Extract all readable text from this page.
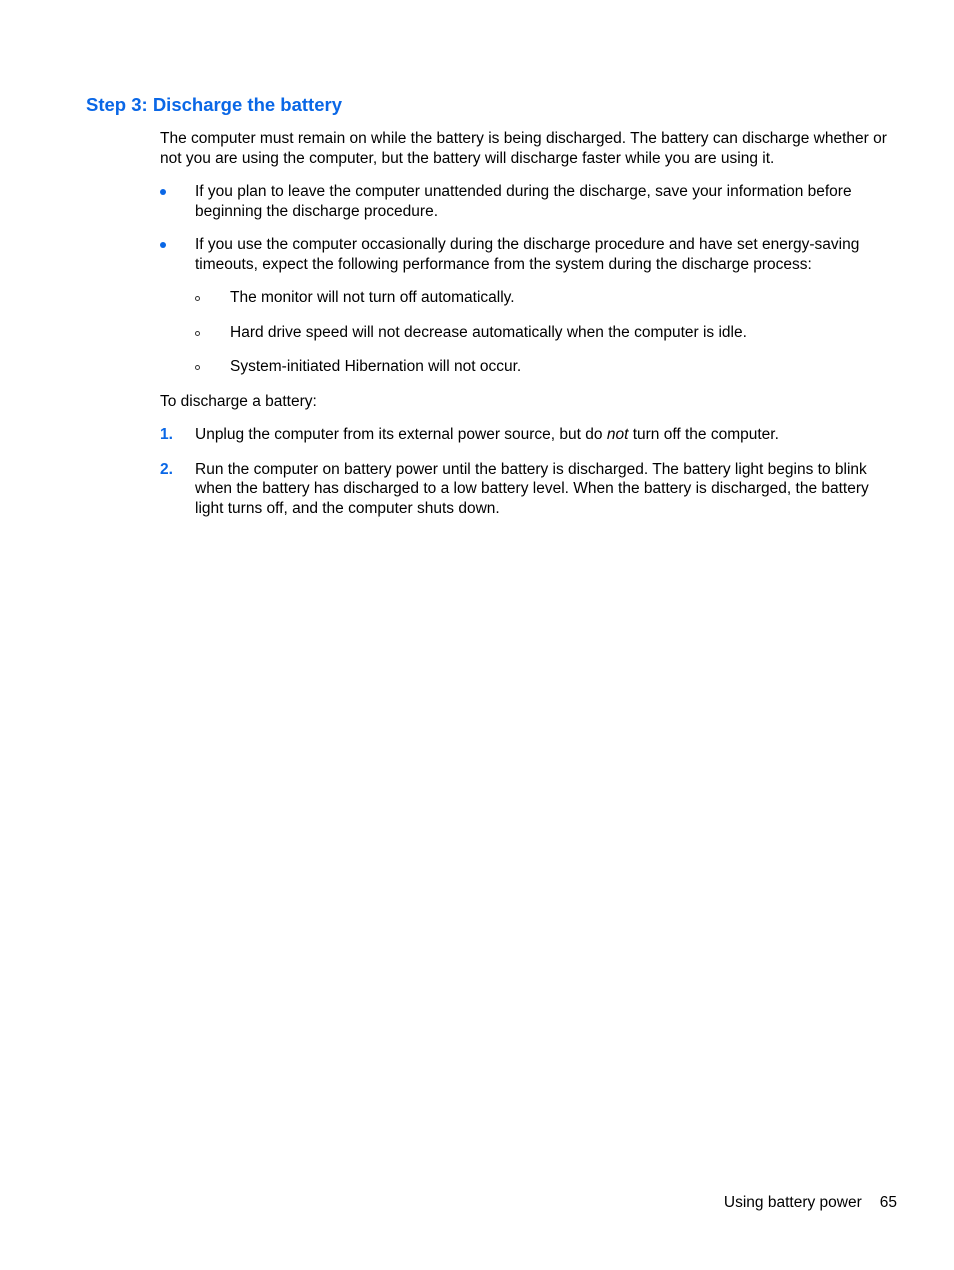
Step 3: Discharge the battery

The computer must remain on while the battery is being discharged. The battery can discharge whether or not you are using the computer, but the battery will discharge faster while you are using it.

If you plan to leave the computer unattended during the discharge, save your information before beginning the discharge procedure.
If you use the computer occasionally during the discharge procedure and have set energy-saving timeouts, expect the following performance from the system during the discharge process:
The monitor will not turn off automatically.
Hard drive speed will not decrease automatically when the computer is idle.
System-initiated Hibernation will not occur.

To discharge a battery:

1. Unplug the computer from its external power source, but do not turn off the computer.
2. Run the computer on battery power until the battery is discharged. The battery light begins to blink when the battery has discharged to a low battery level. When the battery is discharged, the battery light turns off, and the computer shuts down.
Using battery power 65
